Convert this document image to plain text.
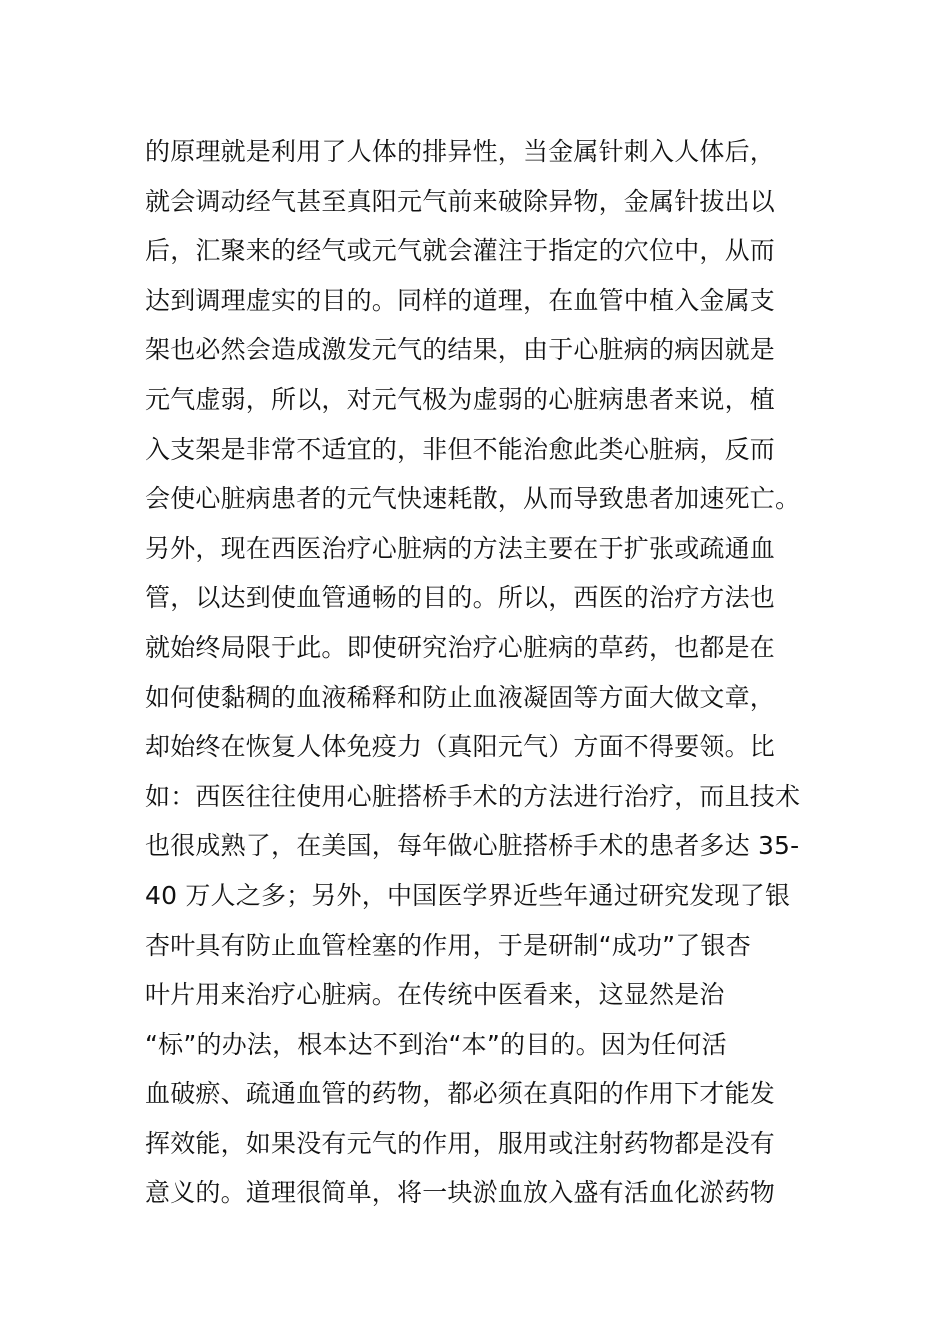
的原理就是利用了人体的排异性，当金属针刺入人体后，
就会调动经气甚至真阳元气前来破除异物，金属针拔出以
后，汇聚来的经气或元气就会灌注于指定的穴位中，从而
达到调理虚实的目的。同样的道理，在血管中植入金属支
架也必然会造成激发元气的结果，由于心脏病的病因就是
元气虚弱，所以，对元气极为虚弱的心脏病患者来说，植
入支架是非常不适宜的，非但不能治愈此类心脏病，反而
会使心脏病患者的元气快速耗散，从而导致患者加速死亡。
另外，现在西医治疗心脏病的方法主要在于扩张或疏通血
管，以达到使血管通畅的目的。所以，西医的治疗方法也
就始终局限于此。即使研究治疗心脏病的草药，也都是在
如何使黏稠的血液稀释和防止血液凝固等方面大做文章，
却始终在恢复人体免疫力（真阳元气）方面不得要领。比
如：西医往往使用心脏搭桥手术的方法进行治疗，而且技术
也很成熟了，在美国，每年做心脏搭桥手术的患者多达 35-
40 万人之多；另外，中国医学界近些年通过研究发现了银
杏叶具有防止血管栓塞的作用，于是研制“成功”了银杏
叶片用来治疗心脏病。在传统中医看来，这显然是治
“标”的办法，根本达不到治“本”的目的。因为任何活
血破瘀、疏通血管的药物，都必须在真阳的作用下才能发
挥效能，如果没有元气的作用，服用或注射药物都是没有
意义的。道理很简单，将一块淤血放入盛有活血化淤药物
